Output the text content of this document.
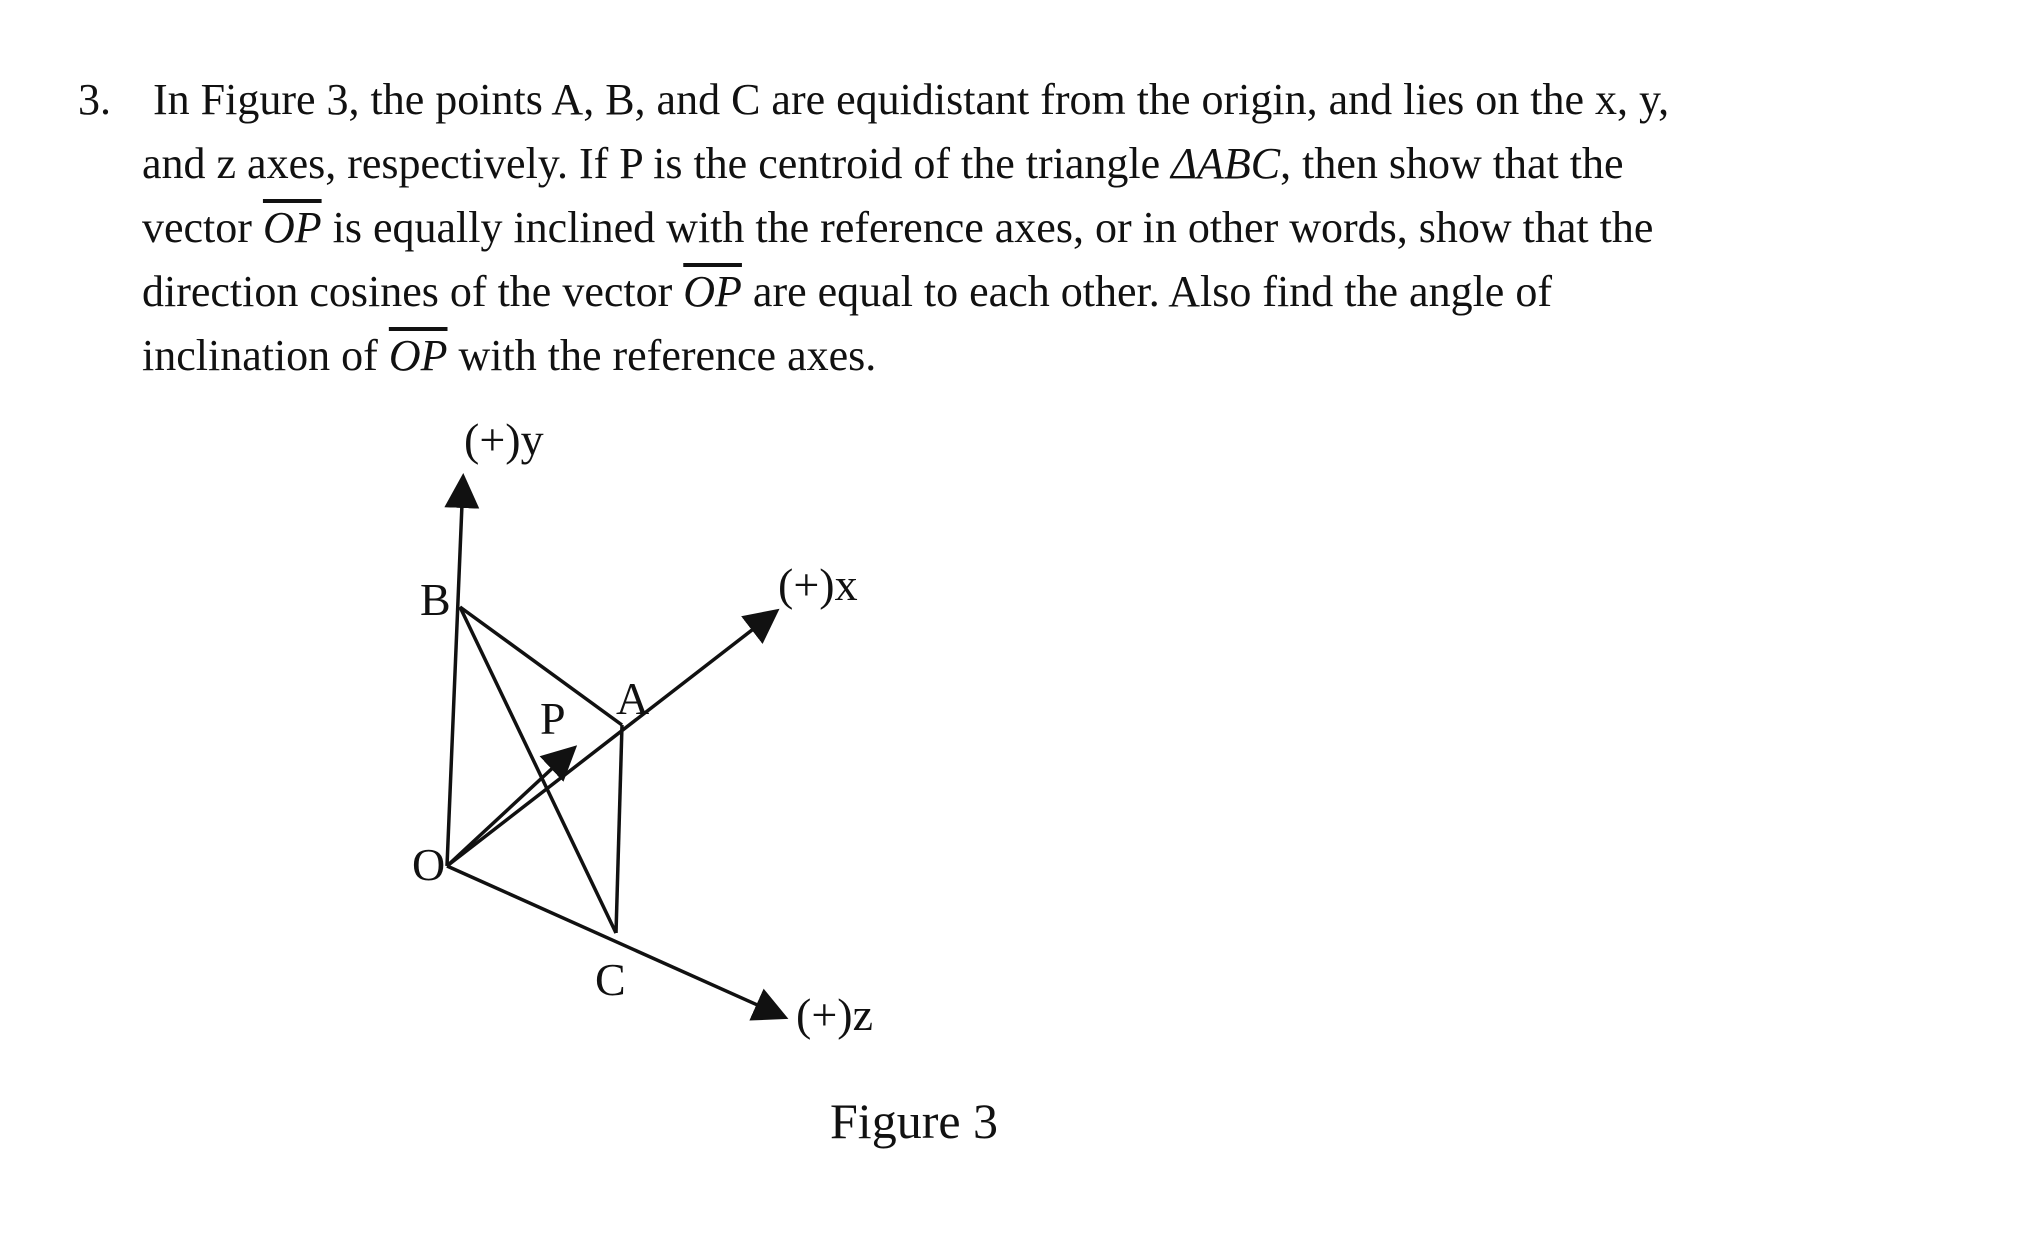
3. In Figure 3, the points A, B, and C are equidistant from the origin, and lies on the x, y,
and z axes, respectively. If P is the centroid of the triangle ΔABC, then show that the
vector $\overline{OP}$ is equally inclined with the reference axes, or in other words, show that the
direction cosines of the vector $\overline{OP}$ are equal to each other. Also find the angle of
inclination of $\overline{OP}$ with the reference axes.
(+)y
(+)x
(+)z
B
A
P
O
C
Figure 3
